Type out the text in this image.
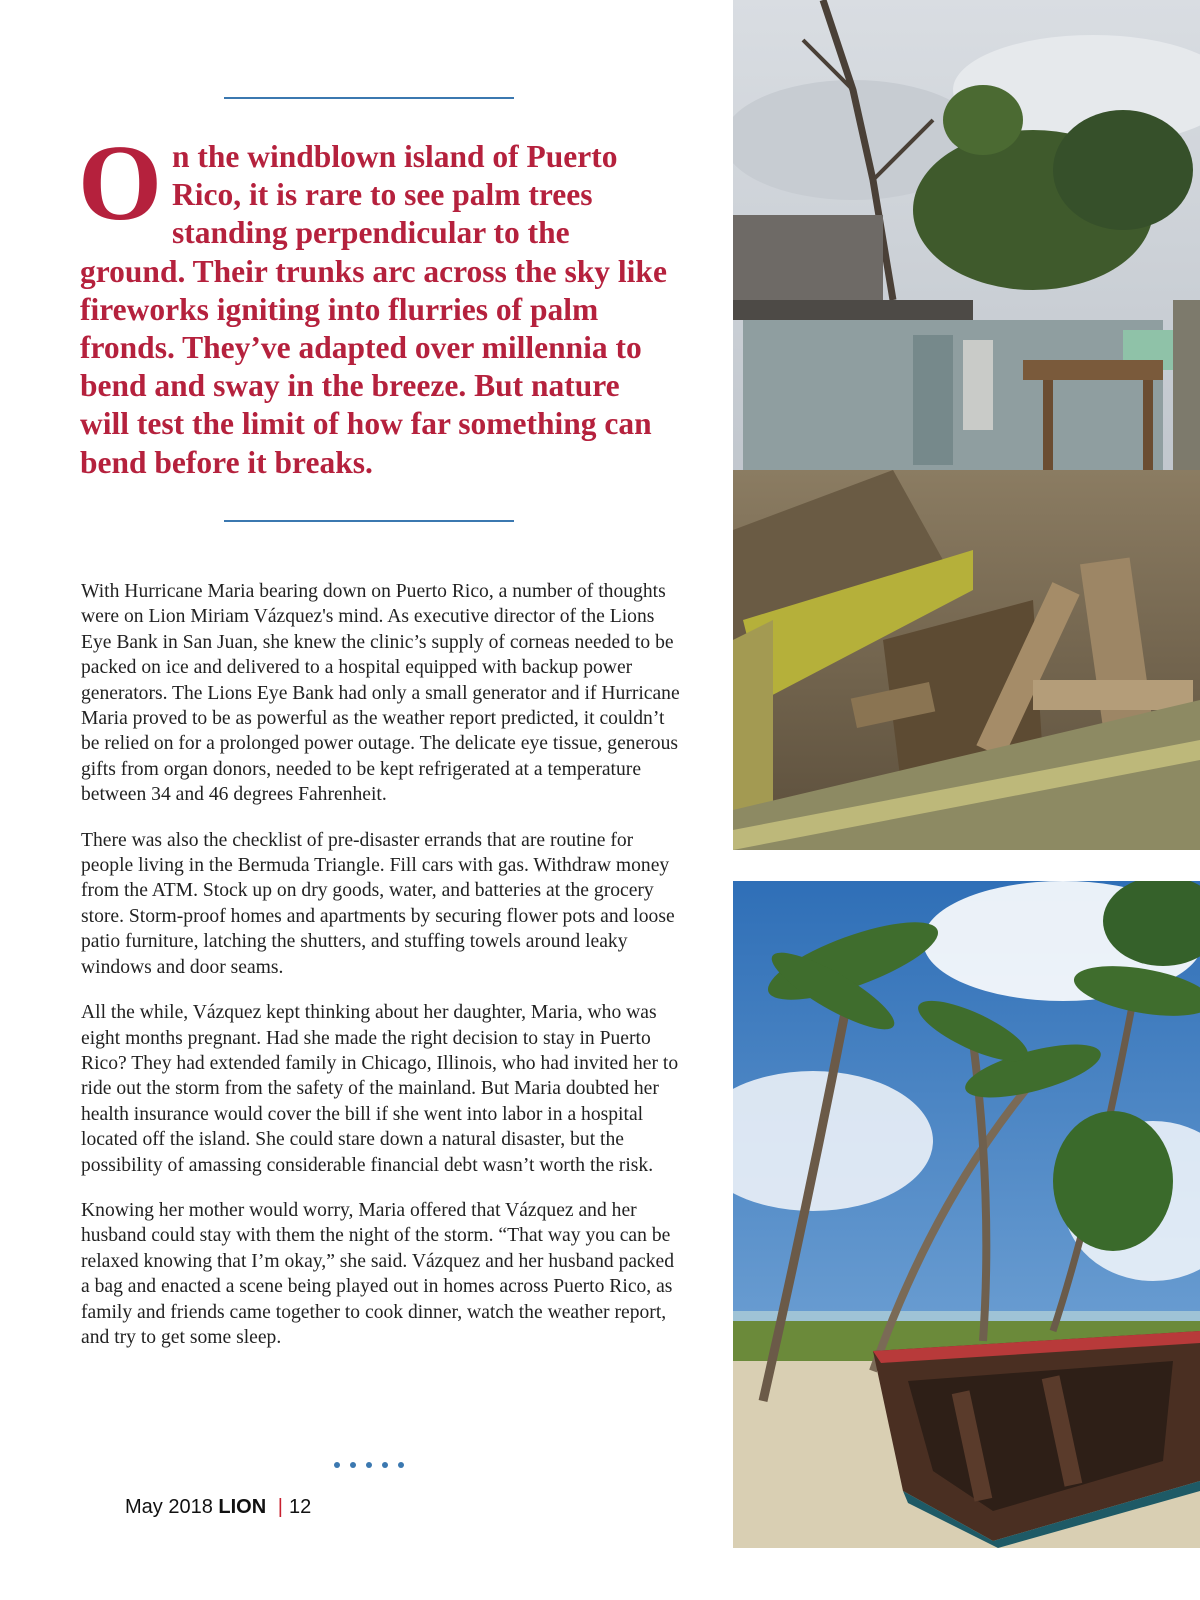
On the windblown island of Puerto Rico, it is rare to see palm trees standing perpendicular to the ground. Their trunks arc across the sky like fireworks igniting into flurries of palm fronds. They’ve adapted over millennia to bend and sway in the breeze. But nature will test the limit of how far something can bend before it breaks.

With Hurricane Maria bearing down on Puerto Rico, a number of thoughts were on Lion Miriam Vázquez's mind. As executive director of the Lions Eye Bank in San Juan, she knew the clinic’s supply of corneas needed to be packed on ice and delivered to a hospital equipped with backup power generators. The Lions Eye Bank had only a small generator and if Hurricane Maria proved to be as powerful as the weather report predicted, it couldn’t be relied on for a prolonged power outage. The delicate eye tissue, generous gifts from organ donors, needed to be kept refrigerated at a temperature between 34 and 46 degrees Fahrenheit.

There was also the checklist of pre-disaster errands that are routine for people living in the Bermuda Triangle. Fill cars with gas. Withdraw money from the ATM. Stock up on dry goods, water, and batteries at the grocery store. Storm-proof homes and apartments by securing flower pots and loose patio furniture, latching the shutters, and stuffing towels around leaky windows and door seams.

All the while, Vázquez kept thinking about her daughter, Maria, who was eight months pregnant. Had she made the right decision to stay in Puerto Rico? They had extended family in Chicago, Illinois, who had invited her to ride out the storm from the safety of the mainland. But Maria doubted her health insurance would cover the bill if she went into labor in a hospital located off the island. She could stare down a natural disaster, but the possibility of amassing considerable financial debt wasn’t worth the risk.

Knowing her mother would worry, Maria offered that Vázquez and her husband could stay with them the night of the storm. “That way you can be relaxed knowing that I’m okay,” she said. Vázquez and her husband packed a bag and enacted a scene being played out in homes across Puerto Rico, as family and friends came together to cook dinner, watch the weather report, and try to get some sleep.

May 2018 LION | 12
